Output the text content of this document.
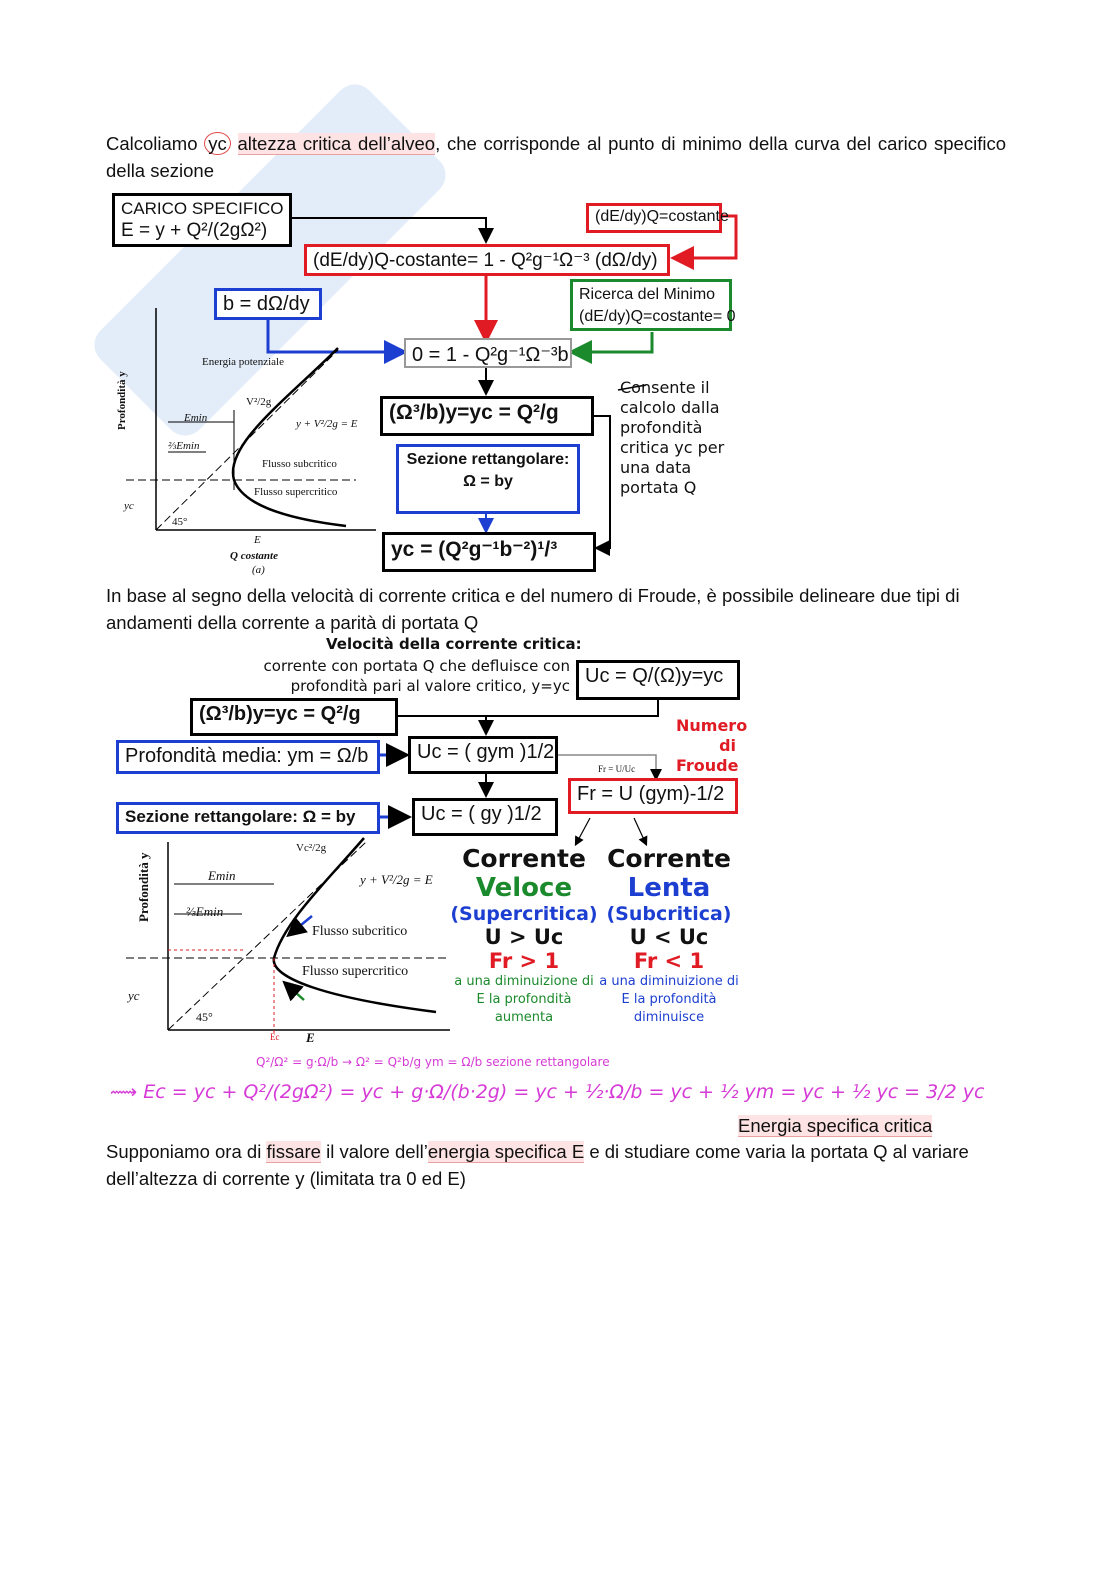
Calcoliamo yc altezza critica dell’alveo, che corrisponde al punto di minimo della curva del carico specifico della sezione

CARICO SPECIFICO
E = y + Q²/(2gΩ²)
(dE/dy)Q=costante
(dE/dy)Q-costante= 1 - Q²g⁻¹Ω⁻³ (dΩ/dy)
b = dΩ/dy	Ricerca del Minimo
(dE/dy)Q=costante= 0
0 = 1 - Q²g⁻¹Ω⁻³b
(Ω³/b)y=yc = Q²/g
Consente il calcolo dalla profondità critica yc per una data portata Q
Sezione rettangolare:
Ω = by
yc = (Q²g⁻¹b⁻²)¹/³
Energia potenziale
V²/2g
Emin
⅔Emin
y + V²/2g = E
Flusso subcritico
Flusso supercritico
Profondità y
yc
45°
E
Q costante
(a)

In base al segno della velocità di corrente critica e del numero di Froude, è possibile delineare due tipi di andamenti della corrente a parità di portata Q

Velocità della corrente critica:
corrente con portata Q che defluisce con profondità pari al valore critico, y=yc Uc = Q/(Ω)y=yc
(Ω³/b)y=yc = Q²/g
Numero
di
Froude
Profondità media: ym = Ω/b	Uc = ( gym )1/2
Fr = U/Uc
Fr = U (gym)-1/2
Sezione rettangolare: Ω = by	Uc = ( gy )1/2
Corrente
Veloce
(Supercritica)
U > Uc
Fr > 1
a una diminuizione di E la profondità aumenta
Corrente
Lenta
(Subcritica)
U < Uc
Fr < 1
a una diminuizione di E la profondità diminuisce
Vc²/2g
Emin
⅔Emin
y + V²/2g = E
Flusso subcritico
Flusso supercritico
Profondità y
yc
45°
E
Ec
Q²/Ω² = g·Ω/b → Ω² = Q²b/g ym = Ω/b sezione rettangolare
⟿ Ec = yc + Q²/(2gΩ²) = yc + g·Ω/(b·2g) = yc + ½·Ω/b = yc + ½ ym = yc + ½ yc = 3/2 yc
Energia specifica critica

Supponiamo ora di fissare il valore dell’energia specifica E e di studiare come varia la portata Q al variare dell’altezza di corrente y (limitata tra 0 ed E)
